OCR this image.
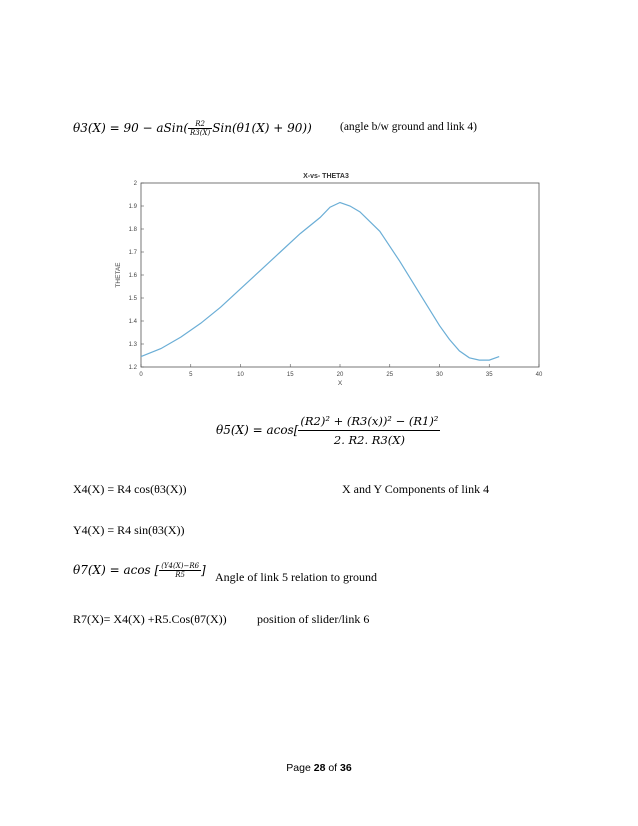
θ3(X) = 90 − aSin( $\frac{R2}{R3(X)} Sin(\theta 1(X) + 90)$) (angle b/w ground and link 4)
X-vs- THETA3
0	5	10	15	20	25	30	35	40
1.2
1.3
1.4
1.5
1.6
1.7
1.8
1.9
2
X
THETAE
$\theta 5(X) = acos[ \frac{\text{(R2)² + (R3(x))² − (R1)²}}{2. R2. R3(X)}$
X4(X) = R4 cos(θ3(X))	X and Y Components of link 4
Y4(X) = R4 sin(θ3(X))
θ7(X) = acos [ $\frac{(Y4(X)-R6}{R5}$ ] Angle of link 5 relation to ground
R7(X)= X4(X) +R5.Cos(θ7(X))	position of slider/link 6
Page 28 of 36
